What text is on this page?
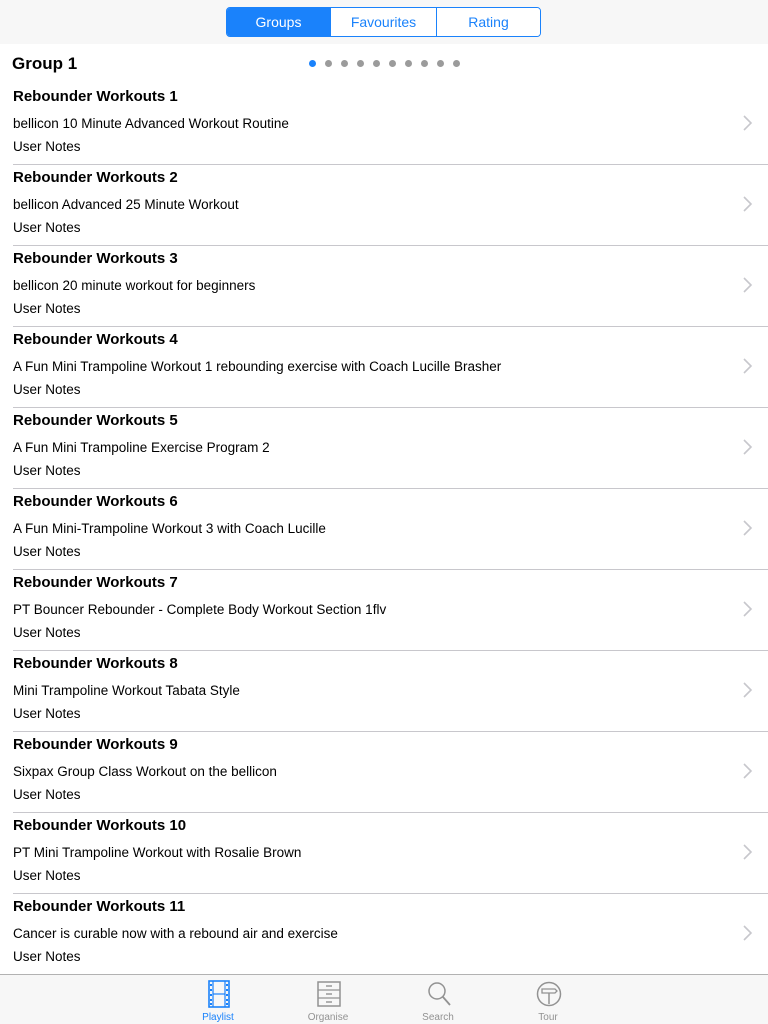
Groups	Favourites	Rating
Group 1
Rebounder Workouts 1
bellicon 10 Minute Advanced Workout Routine
User Notes
Rebounder Workouts 2
bellicon Advanced 25 Minute Workout
User Notes
Rebounder Workouts 3
bellicon 20 minute workout for beginners
User Notes
Rebounder Workouts 4
A Fun Mini Trampoline Workout 1 rebounding exercise with Coach Lucille Brasher
User Notes
Rebounder Workouts 5
A Fun Mini Trampoline Exercise Program 2
User Notes
Rebounder Workouts 6
A Fun Mini-Trampoline Workout 3 with Coach Lucille
User Notes
Rebounder Workouts 7
PT Bouncer Rebounder - Complete Body Workout Section 1flv
User Notes
Rebounder Workouts 8
Mini Trampoline Workout Tabata Style
User Notes
Rebounder Workouts 9
Sixpax Group Class Workout on the bellicon
User Notes
Rebounder Workouts 10
PT Mini Trampoline Workout with Rosalie Brown
User Notes
Rebounder Workouts 11
Cancer is curable now with a rebound air and exercise
User Notes
Playlist	Organise	Search	Tour
